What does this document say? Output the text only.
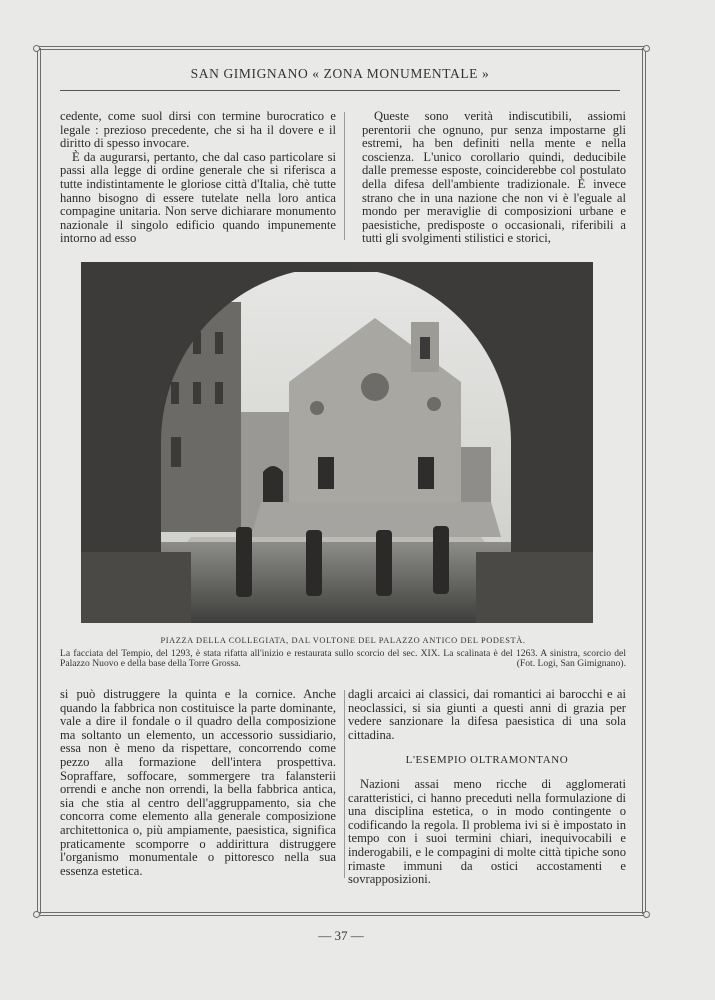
SAN GIMIGNANO « ZONA MONUMENTALE »

cedente, come suol dirsi con termine burocratico e legale : prezioso precedente, che si ha il dovere e il diritto di spesso invocare.

È da augurarsi, pertanto, che dal caso particolare si passi alla legge di ordine generale che si riferisca a tutte indistintamente le gloriose città d'Italia, chè tutte hanno bisogno di essere tutelate nella loro antica compagine unitaria. Non serve dichiarare monumento nazionale il singolo edificio quando impunemente intorno ad esso

Queste sono verità indiscutibili, assiomi perentorii che ognuno, pur senza impostarne gli estremi, ha ben definiti nella mente e nella coscienza. L'unico corollario quindi, deducibile dalle premesse esposte, coinciderebbe col postulato della difesa dell'ambiente tradizionale. È invece strano che in una nazione che non vi è l'eguale al mondo per meraviglie di composizioni urbane e paesistiche, predisposte o occasionali, riferibili a tutti gli svolgimenti stilistici e storici,

PIAZZA DELLA COLLEGIATA, DAL VOLTONE DEL PALAZZO ANTICO DEL PODESTÀ.
La facciata del Tempio, del 1293, è stata rifatta all'inizio e restaurata sullo scorcio del sec. XIX. La scalinata è del 1263. A sinistra, scorcio del Palazzo Nuovo e della base della Torre Grossa.	(Fot. Logi, San Gimignano).

si può distruggere la quinta e la cornice. Anche quando la fabbrica non costituisce la parte dominante, vale a dire il fondale o il quadro della composizione ma soltanto un elemento, un accessorio sussidiario, essa non è meno da rispettare, concorrendo come pezzo alla formazione dell'intera prospettiva. Sopraffare, soffocare, sommergere tra falansterii orrendi e anche non orrendi, la bella fabbrica antica, sia che stia al centro dell'aggruppamento, sia che concorra come elemento alla generale composizione architettonica o, più ampiamente, paesistica, significa praticamente scomporre o addirittura distruggere l'organismo monumentale o pittoresco nella sua essenza estetica.

dagli arcaici ai classici, dai romantici ai barocchi e ai neoclassici, si sia giunti a questi anni di grazia per vedere sanzionare la difesa paesistica di una sola cittadina.

L'ESEMPIO OLTRAMONTANO

Nazioni assai meno ricche di agglomerati caratteristici, ci hanno preceduti nella formulazione di una disciplina estetica, o in modo contingente o codificando la regola. Il problema ivi si è impostato in tempo con i suoi termini chiari, inequivocabili e inderogabili, e le compagini di molte città tipiche sono rimaste immuni da ostici accostamenti e sovrapposizioni.

— 37 —
